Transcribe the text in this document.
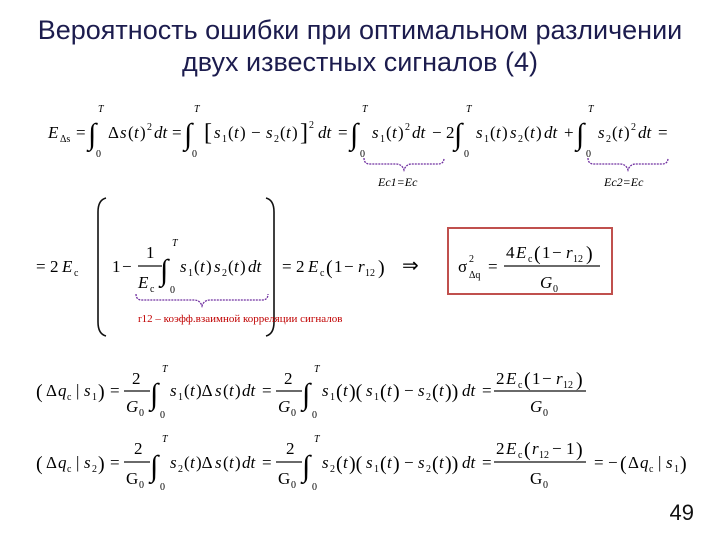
Вероятность ошибки при оптимальном различении
двух известных сигналов (4)
E Δs = ∫
T
0
Δ s ( t ) 2 dt = ∫
T
0
[ s 1 ( t ) − s 2 ( t ) ] 2 dt = ∫
T
0
s 1 ( t ) 2 dt − 2 ∫
T
0
s 1 ( t ) s 2 ( t ) dt + ∫
T
0
s 2 ( t ) 2 dt =
Ec1=Ec	Ec2=Ec
= 2 E c 1 −
1
E c
∫
T
0
s 1 ( t ) s 2 ( t ) dt = 2 E c ( 1 − r 12 ) ⇒
r12 – коэфф.взаимной корреляции сигналов
σ 2
Δq =
4 E c ( 1 − r 12 )
G 0
( Δ q c | s 1 ) =
2
G 0
∫
T
0
s 1 ( t )Δ s ( t ) dt =
2
G 0
∫
T
0
s 1 ( t )( s 1 ( t ) − s 2 ( t )) dt =
2 E c ( 1 − r 12 )
G 0
( Δ q c | s 2 ) =
2
G 0
∫
T
0
s 2 ( t )Δ s ( t ) dt =
2
G 0
∫
T
0
s 2 ( t )( s 1 ( t ) − s 2 ( t )) dt =
2 E c ( r 12 − 1 )
G 0
= − ( Δ q c | s 1 )
49
